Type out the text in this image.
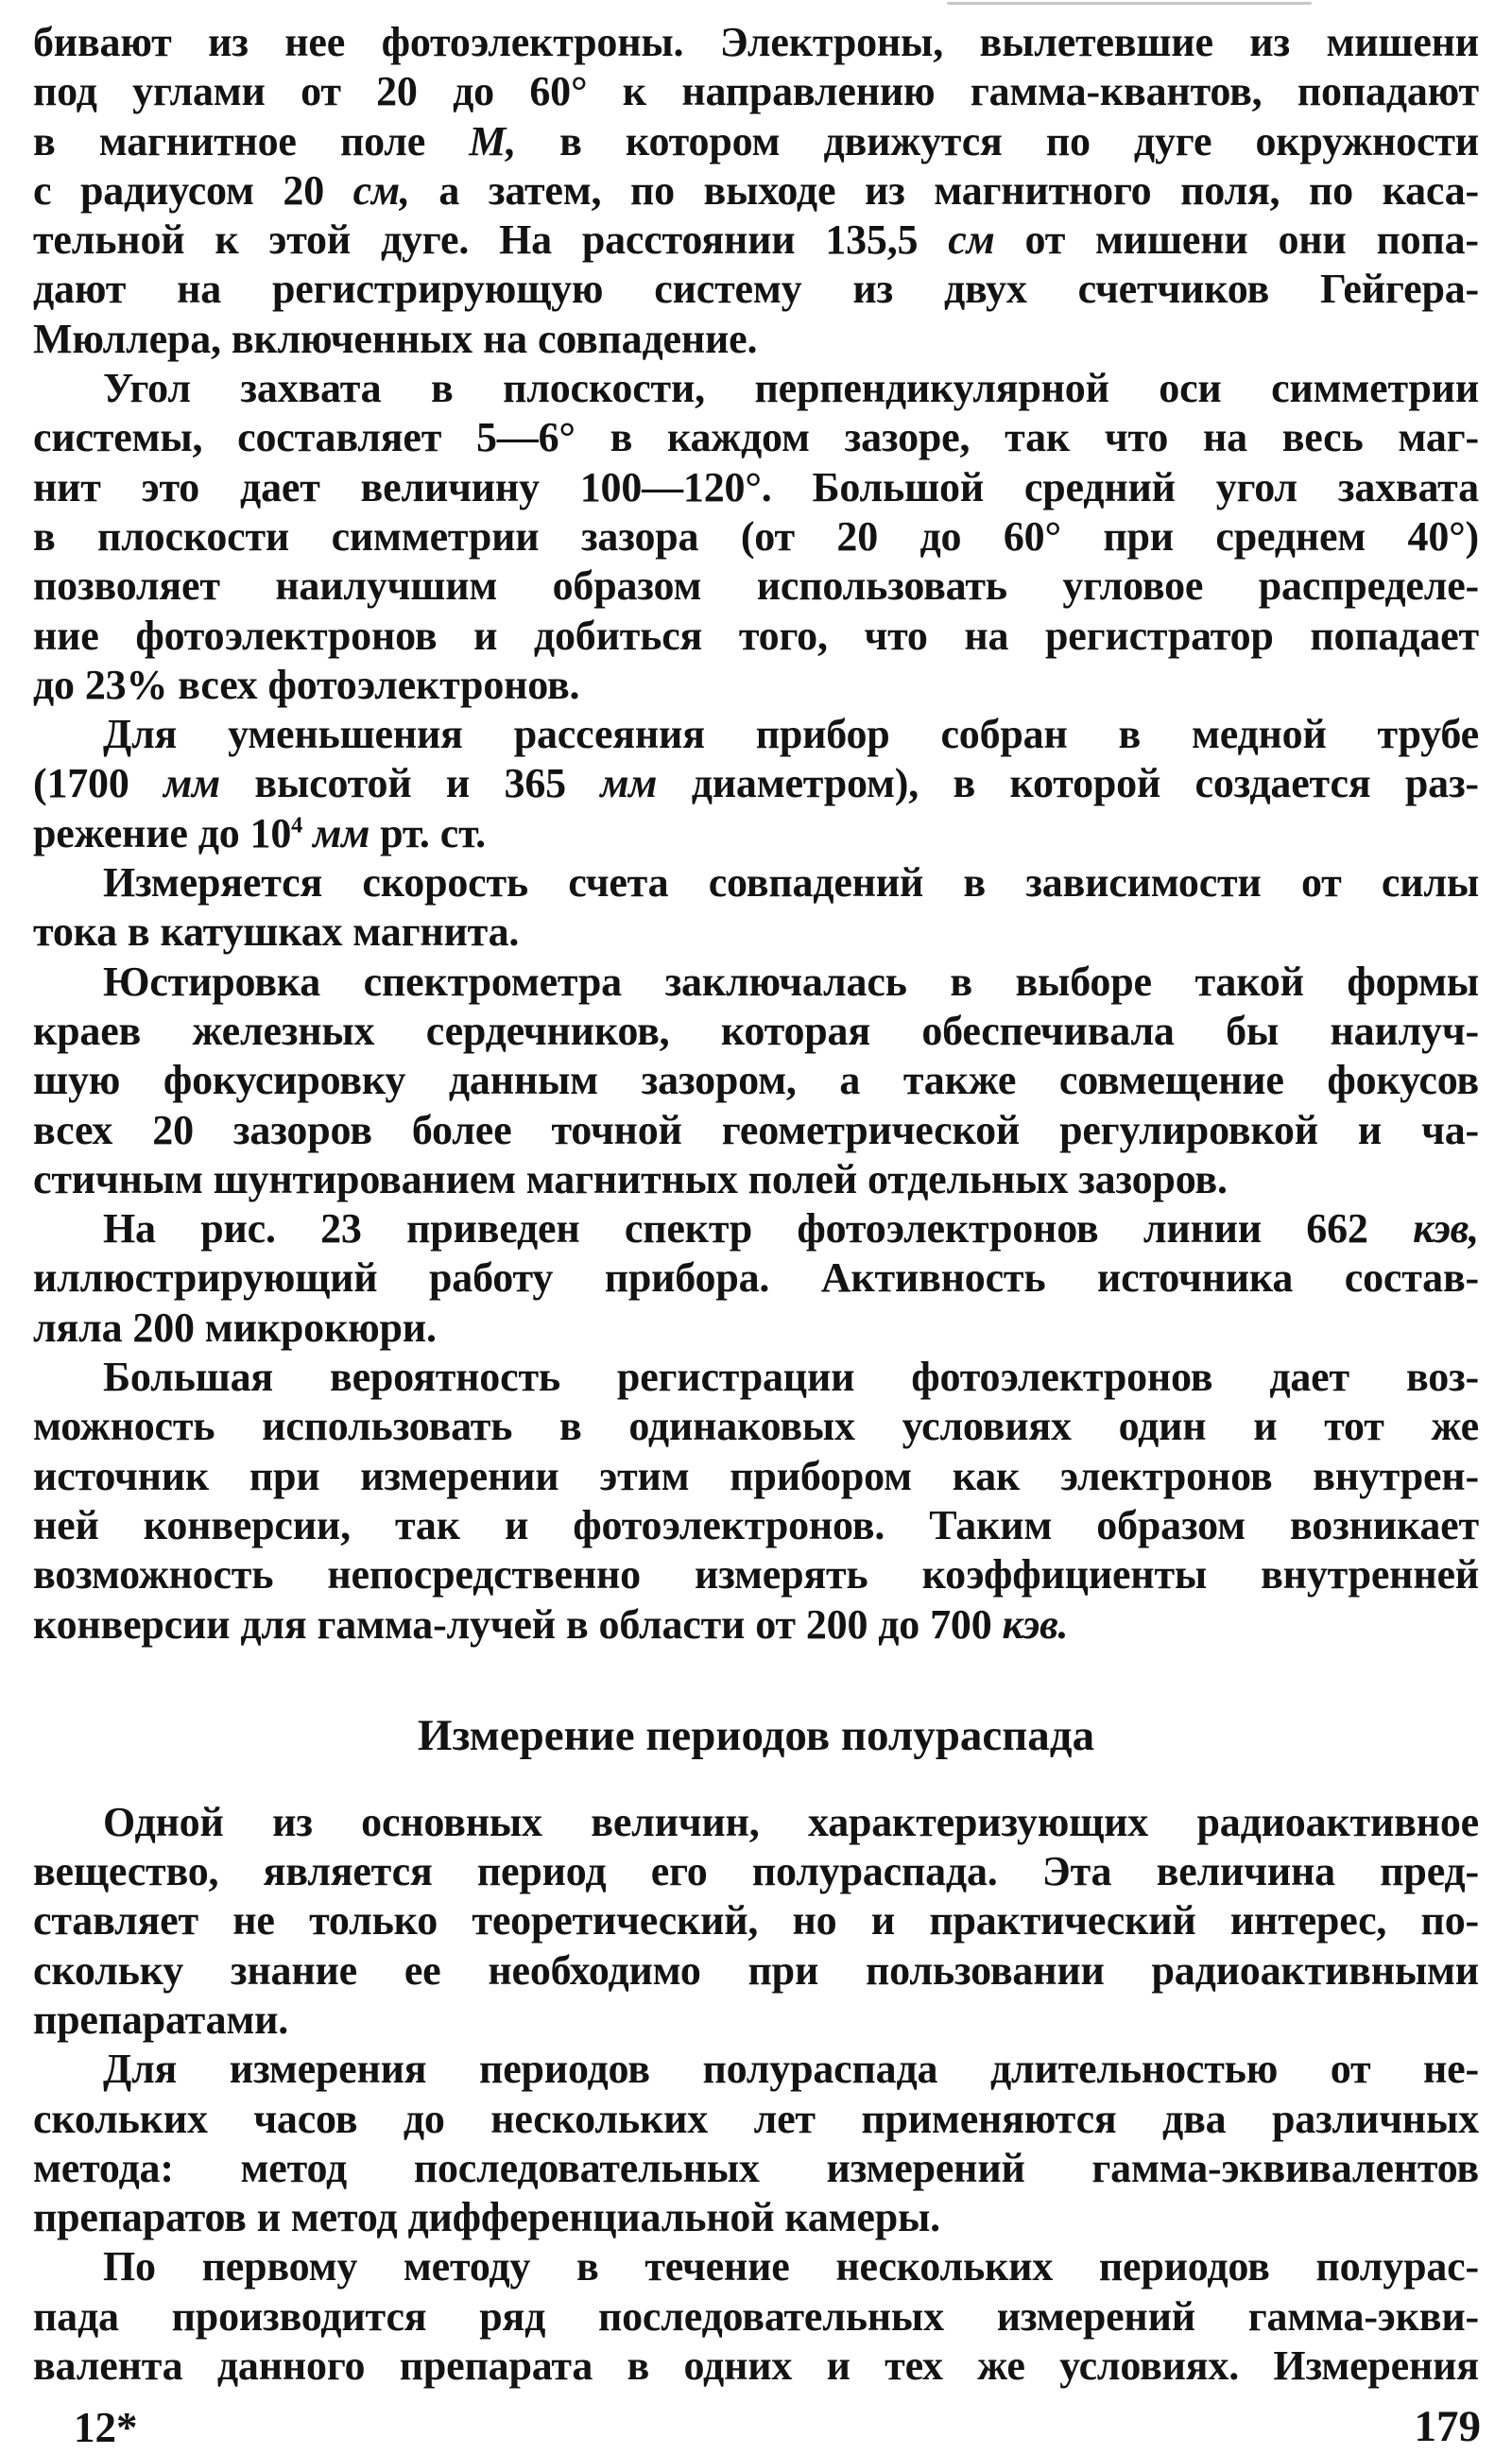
бивают из нее фотоэлектроны. Электроны, вылетевшие из мишени
под углами от 20 до 60° к направлению гамма-квантов, попадают
в магнитное поле М, в котором движутся по дуге окружности
с радиусом 20 см, а затем, по выходе из магнитного поля, по каса-
тельной к этой дуге. На расстоянии 135,5 см от мишени они попа-
дают на регистрирующую систему из двух счетчиков Гейгера-
Мюллера, включенных на совпадение.
Угол захвата в плоскости, перпендикулярной оси симметрии
системы, составляет 5—6° в каждом зазоре, так что на весь маг-
нит это дает величину 100—120°. Большой средний угол захвата
в плоскости симметрии зазора (от 20 до 60° при среднем 40°)
позволяет наилучшим образом использовать угловое распределе-
ние фотоэлектронов и добиться того, что на регистратор попадает
до 23% всех фотоэлектронов.
Для уменьшения рассеяния прибор собран в медной трубе
(1700 мм высотой и 365 мм диаметром), в которой создается раз-
режение до $10^4$ мм рт. ст.
Измеряется скорость счета совпадений в зависимости от силы
тока в катушках магнита.
Юстировка спектрометра заключалась в выборе такой формы
краев железных сердечников, которая обеспечивала бы наилуч-
шую фокусировку данным зазором, а также совмещение фокусов
всех 20 зазоров более точной геометрической регулировкой и ча-
стичным шунтированием магнитных полей отдельных зазоров.
На рис. 23 приведен спектр фотоэлектронов линии 662 кэв,
иллюстрирующий работу прибора. Активность источника состав-
ляла 200 микрокюри.
Большая вероятность регистрации фотоэлектронов дает воз-
можность использовать в одинаковых условиях один и тот же
источник при измерении этим прибором как электронов внутрен-
ней конверсии, так и фотоэлектронов. Таким образом возникает
возможность непосредственно измерять коэффициенты внутренней
конверсии для гамма-лучей в области от 200 до 700 кэв.
Измерение периодов полураспада
Одной из основных величин, характеризующих радиоактивное
вещество, является период его полураспада. Эта величина пред-
ставляет не только теоретический, но и практический интерес, по-
скольку знание ее необходимо при пользовании радиоактивными
препаратами.
Для измерения периодов полураспада длительностью от не-
скольких часов до нескольких лет применяются два различных
метода: метод последовательных измерений гамма-эквивалентов
препаратов и метод дифференциальной камеры.
По первому методу в течение нескольких периодов полурас-
пада производится ряд последовательных измерений гамма-экви-
валента данного препарата в одних и тех же условиях. Измерения
12*	179
